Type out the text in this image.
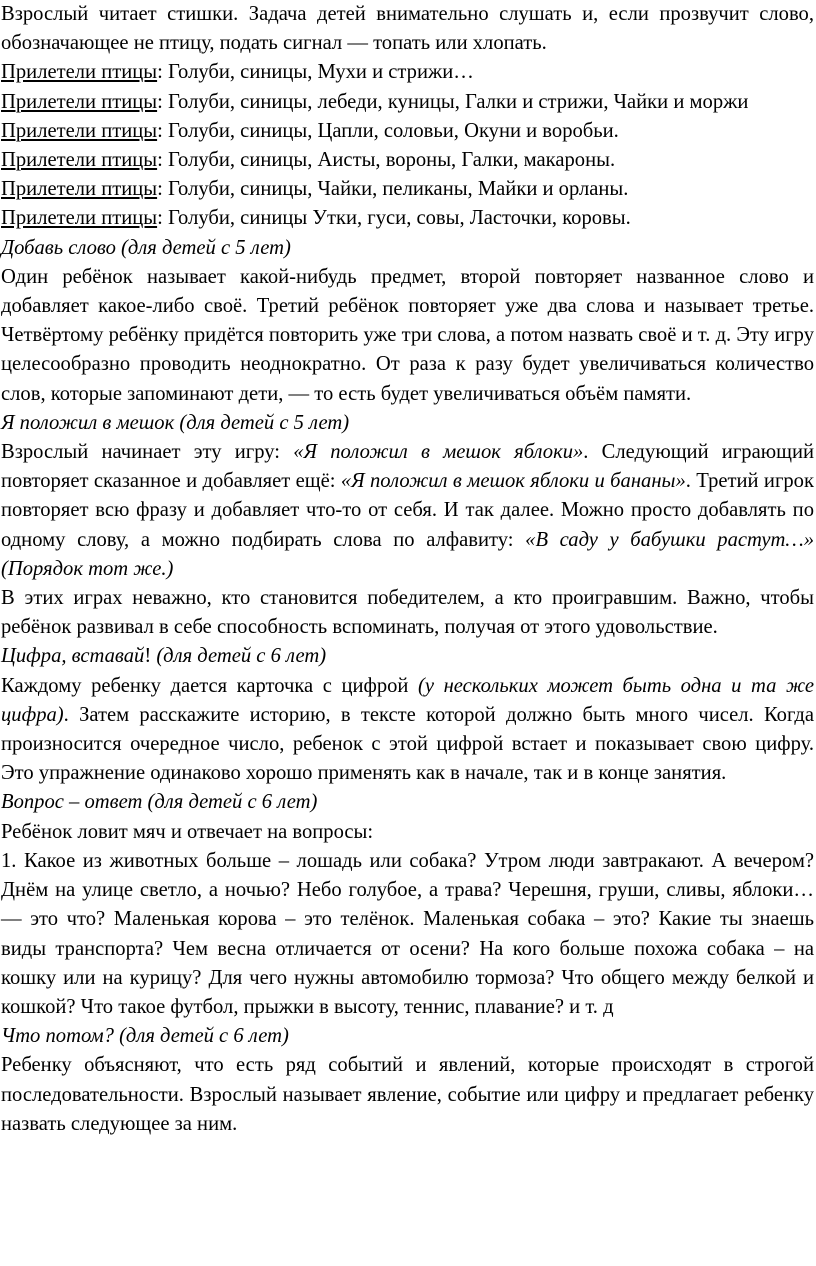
Взрослый читает стишки. Задача детей внимательно слушать и, если прозвучит слово, обозначающее не птицу, подать сигнал — топать или хлопать.

Прилетели птицы: Голуби, синицы, Мухи и стрижи…

Прилетели птицы: Голуби, синицы, лебеди, куницы, Галки и стрижи, Чайки и моржи

Прилетели птицы: Голуби, синицы, Цапли, соловьи, Окуни и воробьи.

Прилетели птицы: Голуби, синицы, Аисты, вороны, Галки, макароны.

Прилетели птицы: Голуби, синицы, Чайки, пеликаны, Майки и орланы.

Прилетели птицы: Голуби, синицы Утки, гуси, совы, Ласточки, коровы.

Добавь слово (для детей с 5 лет)

Один ребёнок называет какой-нибудь предмет, второй повторяет названное слово и добавляет какое-либо своё. Третий ребёнок повторяет уже два слова и называет третье. Четвёртому ребёнку придётся повторить уже три слова, а потом назвать своё и т. д. Эту игру целесообразно проводить неоднократно. От раза к разу будет увеличиваться количество слов, которые запоминают дети, — то есть будет увеличиваться объём памяти.

Я положил в мешок (для детей с 5 лет)

Взрослый начинает эту игру: «Я положил в мешок яблоки». Следующий играющий повторяет сказанное и добавляет ещё: «Я положил в мешок яблоки и бананы». Третий игрок повторяет всю фразу и добавляет что-то от себя. И так далее. Можно просто добавлять по одному слову, а можно подбирать слова по алфавиту: «В саду у бабушки растут…» (Порядок тот же.)

В этих играх неважно, кто становится победителем, а кто проигравшим. Важно, чтобы ребёнок развивал в себе способность вспоминать, получая от этого удовольствие.

Цифра, вставай! (для детей с 6 лет)

Каждому ребенку дается карточка с цифрой (у нескольких может быть одна и та же цифра). Затем расскажите историю, в тексте которой должно быть много чисел. Когда произносится очередное число, ребенок с этой цифрой встает и показывает свою цифру. Это упражнение одинаково хорошо применять как в начале, так и в конце занятия.

Вопрос – ответ (для детей с 6 лет)

Ребёнок ловит мяч и отвечает на вопросы:

1. Какое из животных больше – лошадь или собака? Утром люди завтракают. А вечером? Днём на улице светло, а ночью? Небо голубое, а трава? Черешня, груши, сливы, яблоки… — это что? Маленькая корова – это телёнок. Маленькая собака – это? Какие ты знаешь виды транспорта? Чем весна отличается от осени? На кого больше похожа собака – на кошку или на курицу? Для чего нужны автомобилю тормоза? Что общего между белкой и кошкой? Что такое футбол, прыжки в высоту, теннис, плавание? и т. д

Что потом? (для детей с 6 лет)

Ребенку объясняют, что есть ряд событий и явлений, которые происходят в строгой последовательности. Взрослый называет явление, событие или цифру и предлагает ребенку назвать следующее за ним.
